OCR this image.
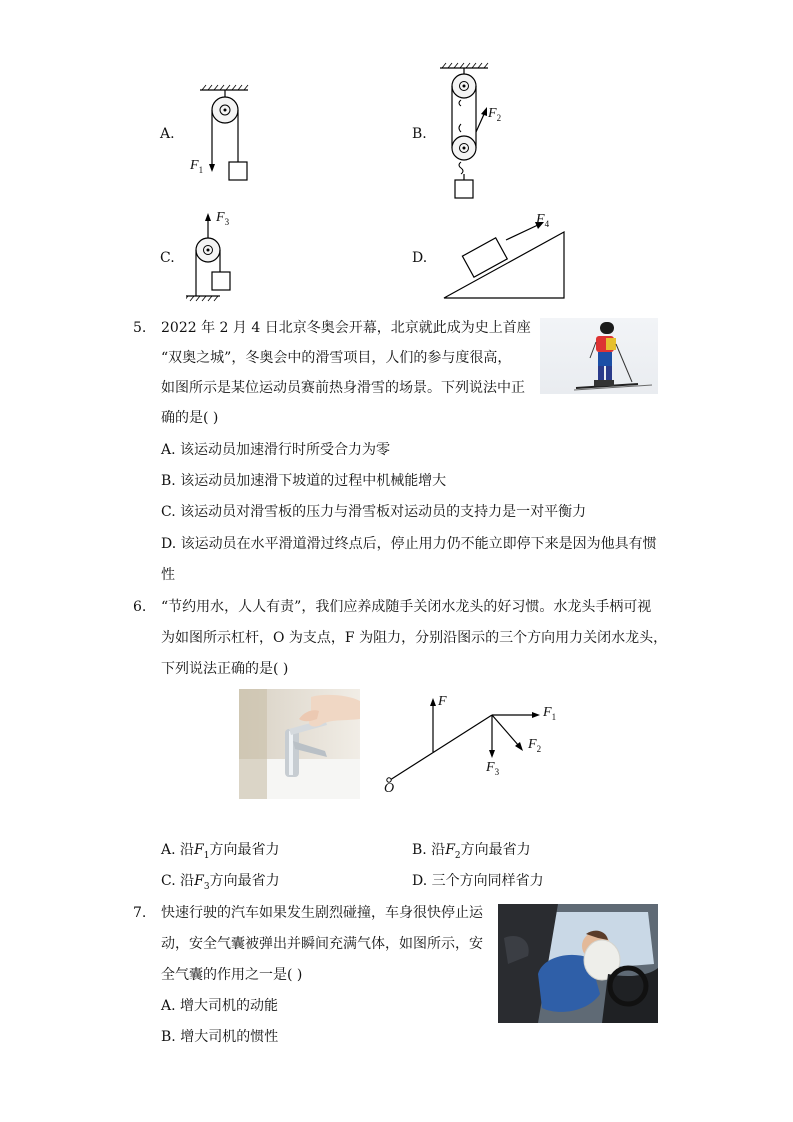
A.
$F_1$
B.
$F_2$
C.
$F_3$
D.
$F_4$
5. 2022 年 2 月 4 日北京冬奥会开幕，北京就此成为史上首座
“双奥之城”，冬奥会中的滑雪项目，人们的参与度很高，
如图所示是某位运动员赛前热身滑雪的场景。下列说法中正
确的是( )
A. 该运动员加速滑行时所受合力为零
B. 该运动员加速滑下坡道的过程中机械能增大
C. 该运动员对滑雪板的压力与滑雪板对运动员的支持力是一对平衡力
D. 该运动员在水平滑道滑过终点后，停止用力仍不能立即停下来是因为他具有惯
性
6. “节约用水，人人有责”，我们应养成随手关闭水龙头的好习惯。水龙头手柄可视
为如图所示杠杆，O 为支点，F 为阻力，分别沿图示的三个方向用力关闭水龙头，
下列说法正确的是( )
F
$F_1$
$F_2$
$F_3$
O
A. 沿$F_1$方向最省力	B. 沿$F_2$方向最省力
C. 沿$F_3$方向最省力	D. 三个方向同样省力
7. 快速行驶的汽车如果发生剧烈碰撞，车身很快停止运
动，安全气囊被弹出并瞬间充满气体，如图所示，安
全气囊的作用之一是( )
A. 增大司机的动能
B. 增大司机的惯性
